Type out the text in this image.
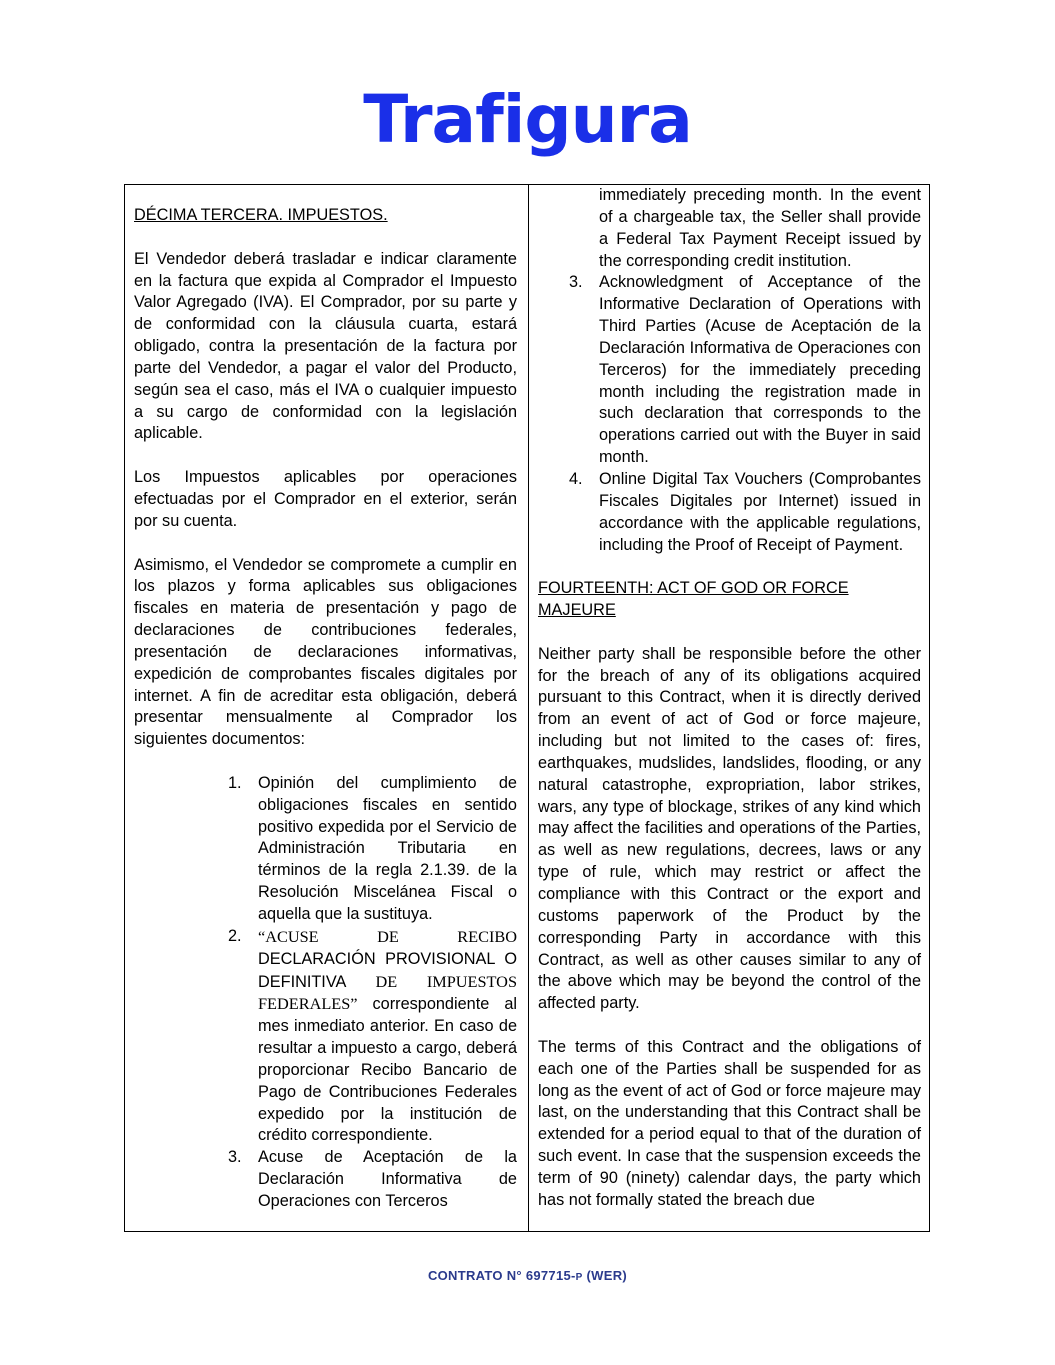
Trafigura

DÉCIMA TERCERA. IMPUESTOS.

El Vendedor deberá trasladar e indicar claramente en la factura que expida al Comprador el Impuesto Valor Agregado (IVA). El Comprador, por su parte y de conformidad con la cláusula cuarta, estará obligado, contra la presentación de la factura por parte del Vendedor, a pagar el valor del Producto, según sea el caso, más el IVA o cualquier impuesto a su cargo de conformidad con la legislación aplicable.

Los Impuestos aplicables por operaciones efectuadas por el Comprador en el exterior, serán por su cuenta.

Asimismo, el Vendedor se compromete a cumplir en los plazos y forma aplicables sus obligaciones fiscales en materia de presentación y pago de declaraciones de contribuciones federales, presentación de declaraciones informativas, expedición de comprobantes fiscales digitales por internet. A fin de acreditar esta obligación, deberá presentar mensualmente al Comprador los siguientes documentos:

1. Opinión del cumplimiento de obligaciones fiscales en sentido positivo expedida por el Servicio de Administración Tributaria en términos de la regla 2.1.39. de la Resolución Miscelánea Fiscal o aquella que la sustituya.
2. “ACUSE DE RECIBO DECLARACIÓN PROVISIONAL O DEFINITIVA DE IMPUESTOS FEDERALES” correspondiente al mes inmediato anterior. En caso de resultar a impuesto a cargo, deberá proporcionar Recibo Bancario de Pago de Contribuciones Federales expedido por la institución de crédito correspondiente.
3. Acuse de Aceptación de la Declaración Informativa de Operaciones con Terceros

immediately preceding month. In the event of a chargeable tax, the Seller shall provide a Federal Tax Payment Receipt issued by the corresponding credit institution.

3. Acknowledgment of Acceptance of the Informative Declaration of Operations with Third Parties (Acuse de Aceptación de la Declaración Informativa de Operaciones con Terceros) for the immediately preceding month including the registration made in such declaration that corresponds to the operations carried out with the Buyer in said month.
4. Online Digital Tax Vouchers (Comprobantes Fiscales Digitales por Internet) issued in accordance with the applicable regulations, including the Proof of Receipt of Payment.

FOURTEENTH: ACT OF GOD OR FORCE MAJEURE

Neither party shall be responsible before the other for the breach of any of its obligations acquired pursuant to this Contract, when it is directly derived from an event of act of God or force majeure, including but not limited to the cases of: fires, earthquakes, mudslides, landslides, flooding, or any natural catastrophe, expropriation, labor strikes, wars, any type of blockage, strikes of any kind which may affect the facilities and operations of the Parties, as well as new regulations, decrees, laws or any type of rule, which may restrict or affect the compliance with this Contract or the export and customs paperwork of the Product by the corresponding Party in accordance with this Contract, as well as other causes similar to any of the above which may be beyond the control of the affected party.

The terms of this Contract and the obligations of each one of the Parties shall be suspended for as long as the event of act of God or force majeure may last, on the understanding that this Contract shall be extended for a period equal to that of the duration of such event. In case that the suspension exceeds the term of 90 (ninety) calendar days, the party which has not formally stated the breach due

CONTRATO N° 697715-P (WER)
